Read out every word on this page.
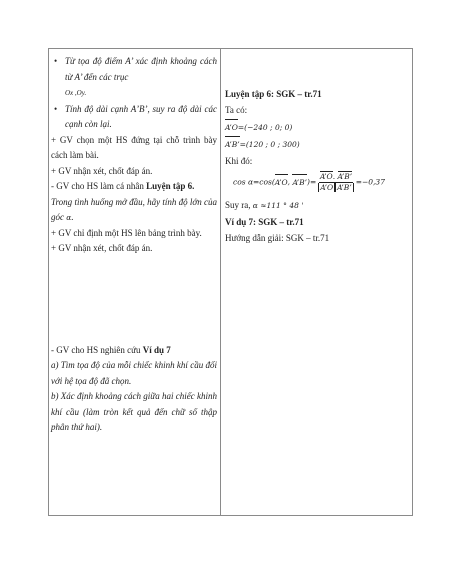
• Từ tọa độ điểm A’ xác định khoảng cách từ A’ đến các trục
Ox ,Oy.
• Tính độ dài cạnh A’B’, suy ra độ dài các cạnh còn lại.
+ GV chọn một HS đứng tại chỗ trình bày cách làm bài.
+ GV nhận xét, chốt đáp án.
- GV cho HS làm cá nhân Luyện tập 6.
Trong tình huống mở đầu, hãy tính độ lớn của góc α.
+ GV chỉ định một HS lên bảng trình bày.
+ GV nhận xét, chốt đáp án.
- GV cho HS nghiên cứu Ví dụ 7
a) Tìm tọa độ của mỗi chiếc khinh khí cầu đối với hệ tọa độ đã chọn.
b) Xác định khoảng cách giữa hai chiếc khinh khí cầu (làm tròn kết quả đến chữ số thập phân thứ hai).
Luyện tập 6: SGK – tr.71
Ta có:
A’O=(−240 ; 0; 0)
A’B’=(120 ; 0 ; 300)
Khi đó:
cos α=cos(A’O, A’B’)= $\frac{A’O. A’B’}{\text{A’O A’B’}} =-0,37$
Suy ra, α ≈111 ° 48 '
Ví dụ 7: SGK – tr.71
Hướng dẫn giải: SGK – tr.71
